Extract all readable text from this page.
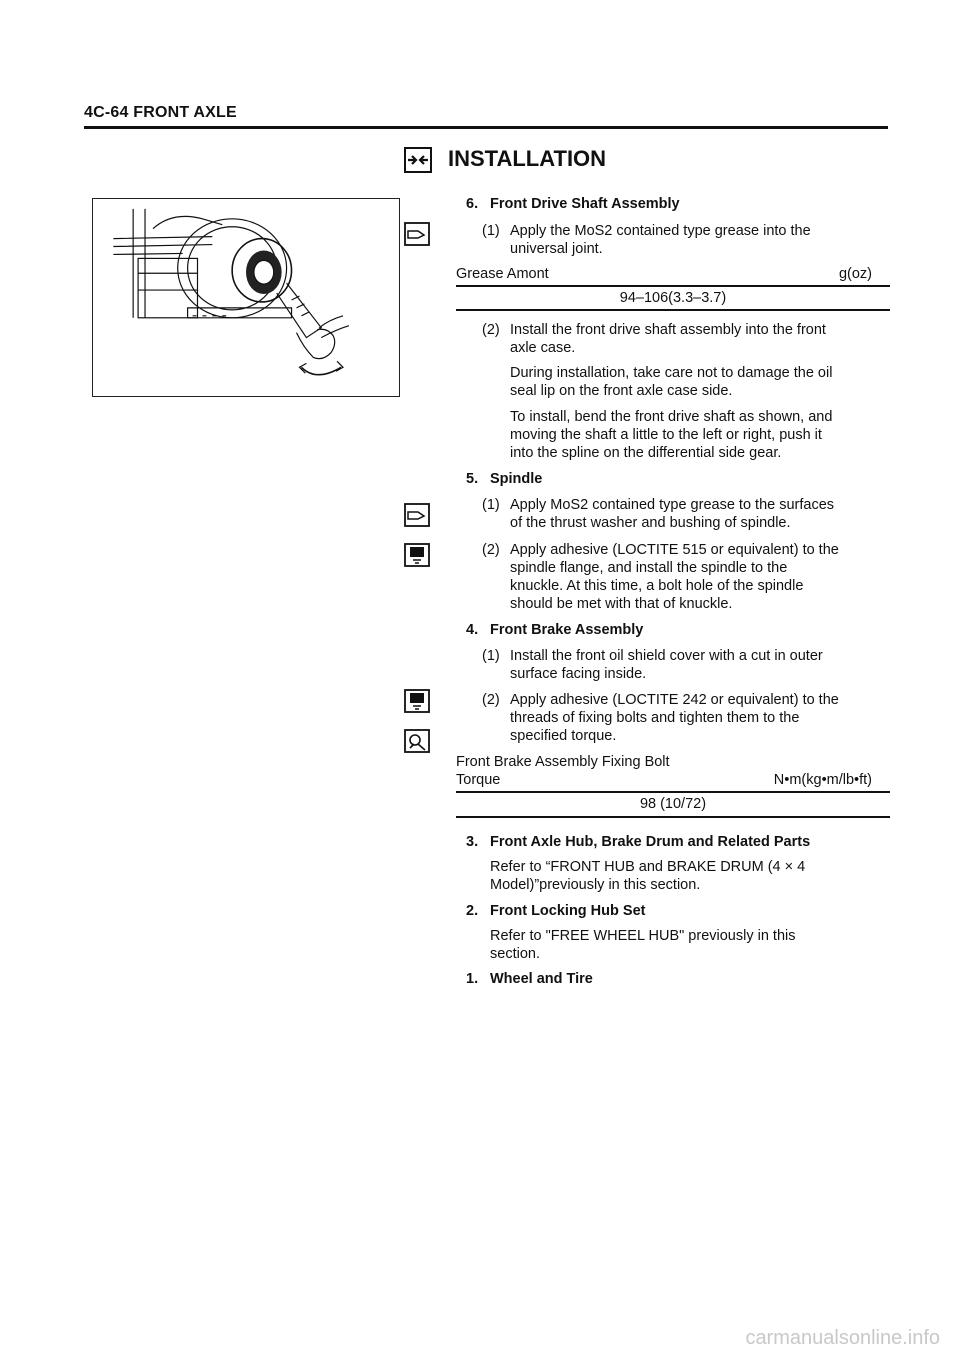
4C-64 FRONT AXLE
INSTALLATION
6. Front Drive Shaft Assembly
(1) Apply the MoS2 contained type grease into the
universal joint.
Grease Amont	g(oz)
94–106(3.3–3.7)
(2) Install the front drive shaft assembly into the front
axle case.
During installation, take care not to damage the oil
seal lip on the front axle case side.
To install, bend the front drive shaft as shown, and
moving the shaft a little to the left or right, push it
into the spline on the differential side gear.
5. Spindle
(1) Apply MoS2 contained type grease to the surfaces
of the thrust washer and bushing of spindle.
(2) Apply adhesive (LOCTITE 515 or equivalent) to the
spindle flange, and install the spindle to the
knuckle. At this time, a bolt hole of the spindle
should be met with that of knuckle.
4. Front Brake Assembly
(1) Install the front oil shield cover with a cut in outer
surface facing inside.
(2) Apply adhesive (LOCTITE 242 or equivalent) to the
threads of fixing bolts and tighten them to the
specified torque.
Front Brake Assembly Fixing Bolt
Torque	N•m(kg•m/lb•ft)
98 (10/72)
3. Front Axle Hub, Brake Drum and Related Parts
Refer to “FRONT HUB and BRAKE DRUM (4 × 4
Model)”previously in this section.
2. Front Locking Hub Set
Refer to "FREE WHEEL HUB" previously in this
section.
1. Wheel and Tire
carmanualsonline.info
